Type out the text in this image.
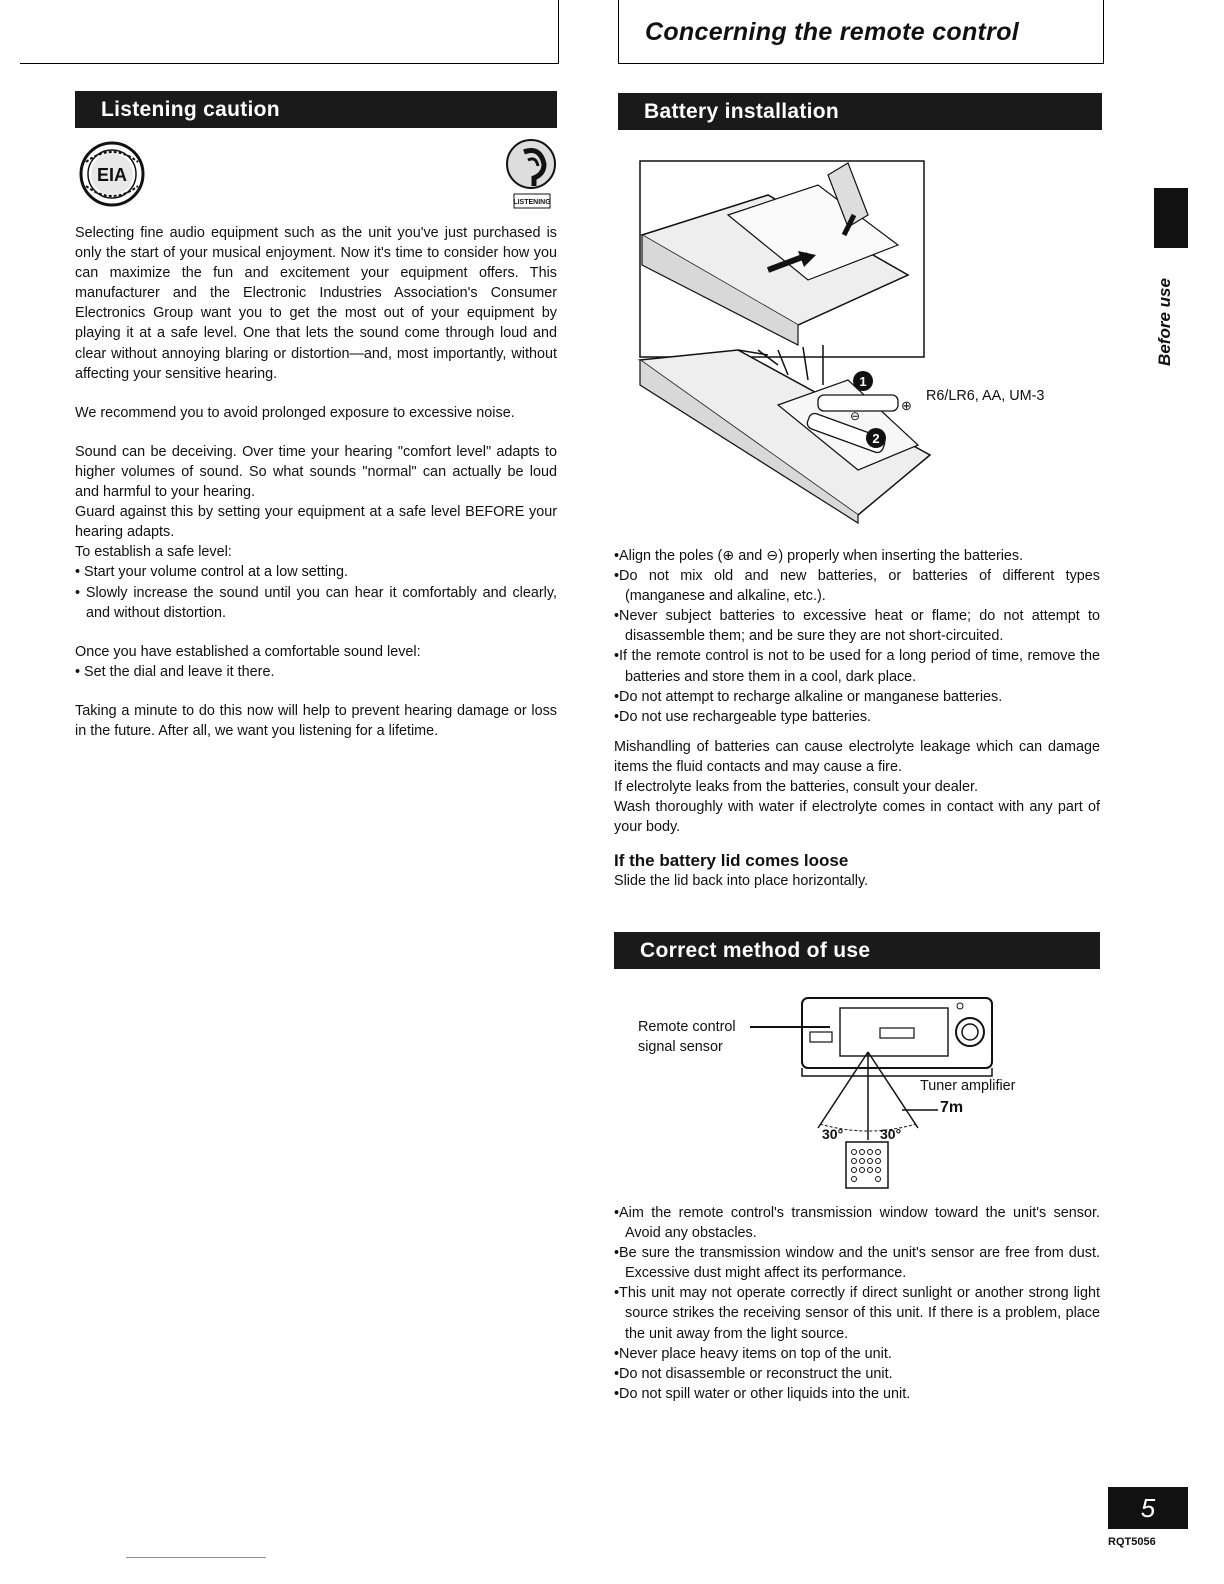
Concerning the remote control
Before use
Listening caution
EIA
LISTENING

Selecting fine audio equipment such as the unit you've just purchased is only the start of your musical enjoyment. Now it's time to consider how you can maximize the fun and excitement your equipment offers. This manufacturer and the Electronic Industries Association's Consumer Electronics Group want you to get the most out of your equipment by playing it at a safe level. One that lets the sound come through loud and clear without annoying blaring or distortion—and, most importantly, without affecting your sensitive hearing.

We recommend you to avoid prolonged exposure to excessive noise.

Sound can be deceiving. Over time your hearing "comfort level" adapts to higher volumes of sound. So what sounds "normal" can actually be loud and harmful to your hearing.

Guard against this by setting your equipment at a safe level BEFORE your hearing adapts.

To establish a safe level:

• Start your volume control at a low setting.

• Slowly increase the sound until you can hear it comfortably and clearly, and without distortion.

Once you have established a comfortable sound level:

• Set the dial and leave it there.

Taking a minute to do this now will help to prevent hearing damage or loss in the future. After all, we want you listening for a lifetime.

Battery installation
1
2
⊕
⊖
R6/LR6, AA, UM-3

•Align the poles (⊕ and ⊖) properly when inserting the batteries.

•Do not mix old and new batteries, or batteries of different types (manganese and alkaline, etc.).

•Never subject batteries to excessive heat or flame; do not attempt to disassemble them; and be sure they are not short-circuited.

•If the remote control is not to be used for a long period of time, remove the batteries and store them in a cool, dark place.

•Do not attempt to recharge alkaline or manganese batteries.

•Do not use rechargeable type batteries.

Mishandling of batteries can cause electrolyte leakage which can damage items the fluid contacts and may cause a fire.

If electrolyte leaks from the batteries, consult your dealer.

Wash thoroughly with water if electrolyte comes in contact with any part of your body.

If the battery lid comes loose

Slide the lid back into place horizontally.

Correct method of use
Remote control
signal sensor
Tuner amplifier
7m
30°	30°

•Aim the remote control's transmission window toward the unit's sensor. Avoid any obstacles.

•Be sure the transmission window and the unit's sensor are free from dust. Excessive dust might affect its performance.

•This unit may not operate correctly if direct sunlight or another strong light source strikes the receiving sensor of this unit. If there is a problem, place the unit away from the light source.

•Never place heavy items on top of the unit.

•Do not disassemble or reconstruct the unit.

•Do not spill water or other liquids into the unit.

5
RQT5056
